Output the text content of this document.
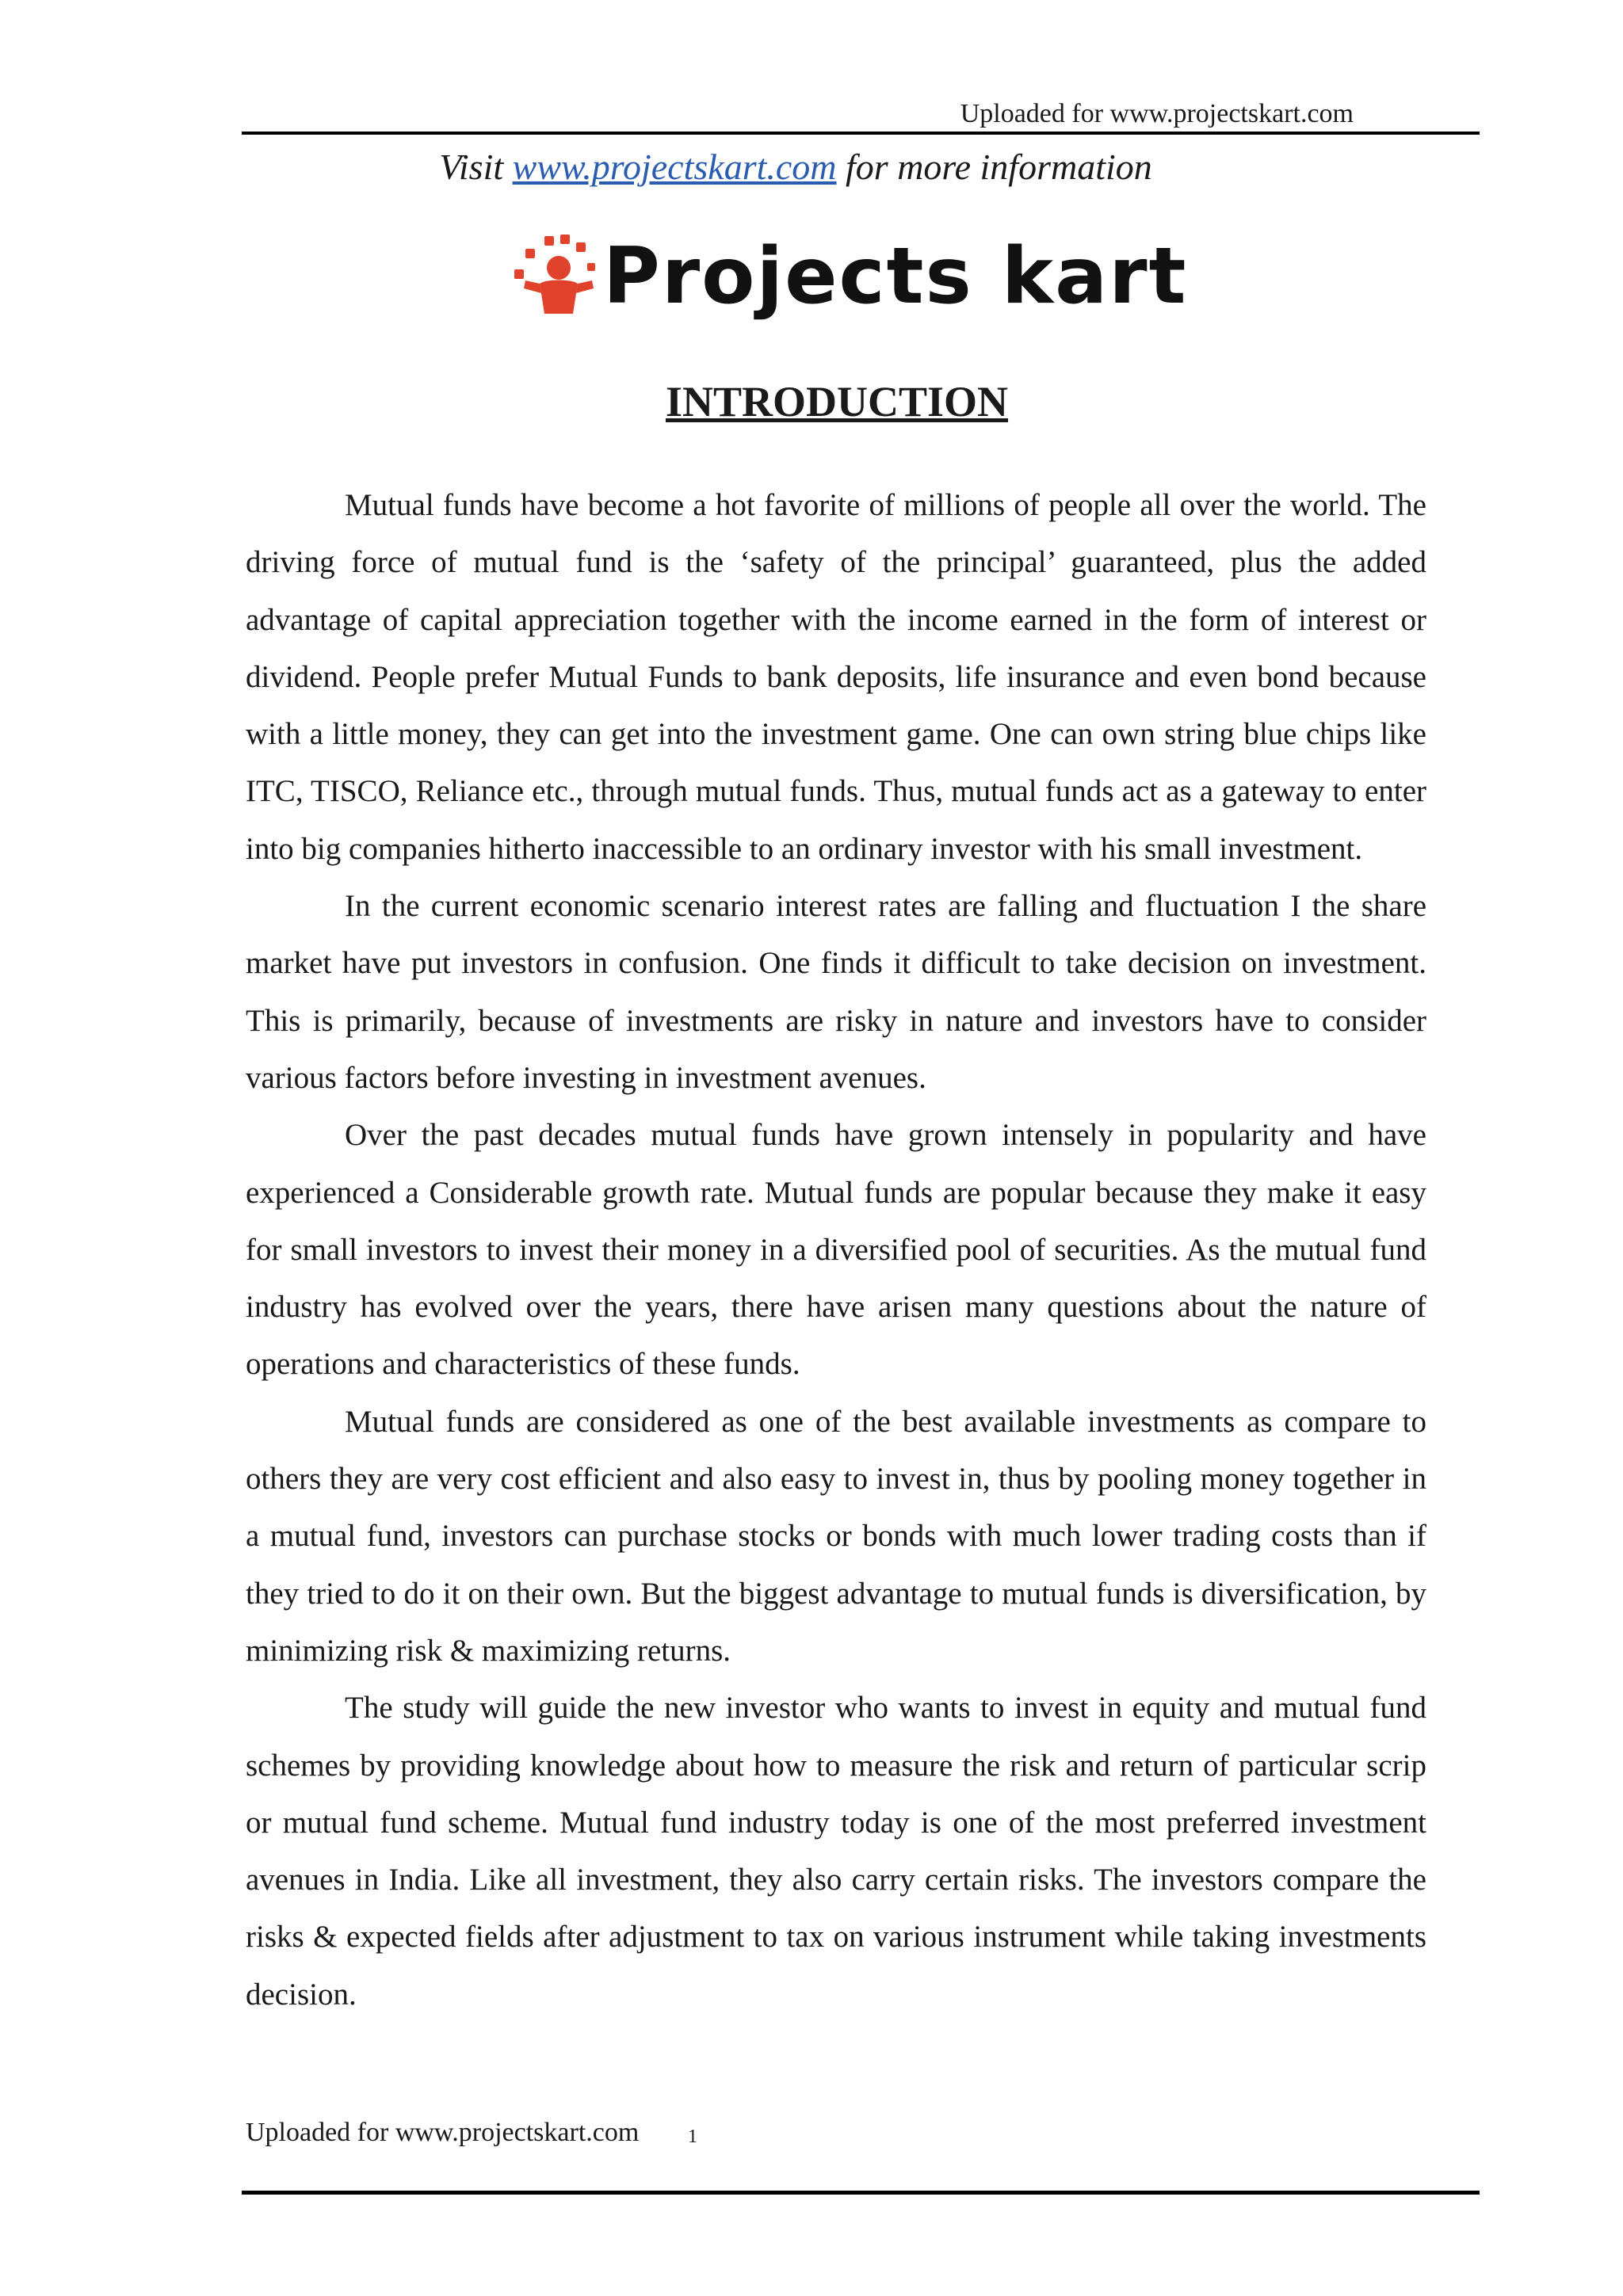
Uploaded for www.projectskart.com
Visit www.projectskart.com for more information
Projects kart
INTRODUCTION

Mutual funds have become a hot favorite of millions of people all over the world. The driving force of mutual fund is the ‘safety of the principal’ guaranteed, plus the added advantage of capital appreciation together with the income earned in the form of interest or dividend. People prefer Mutual Funds to bank deposits, life insurance and even bond because with a little money, they can get into the investment game. One can own string blue chips like ITC, TISCO, Reliance etc., through mutual funds. Thus, mutual funds act as a gateway to enter into big companies hitherto inaccessible to an ordinary investor with his small investment.

In the current economic scenario interest rates are falling and fluctuation I the share market have put investors in confusion. One finds it difficult to take decision on investment. This is primarily, because of investments are risky in nature and investors have to consider various factors before investing in investment avenues.

Over the past decades mutual funds have grown intensely in popularity and have experienced a Considerable growth rate. Mutual funds are popular because they make it easy for small investors to invest their money in a diversified pool of securities. As the mutual fund industry has evolved over the years, there have arisen many questions about the nature of operations and characteristics of these funds.

Mutual funds are considered as one of the best available investments as compare to others they are very cost efficient and also easy to invest in, thus by pooling money together in a mutual fund, investors can purchase stocks or bonds with much lower trading costs than if they tried to do it on their own. But the biggest advantage to mutual funds is diversification, by minimizing risk & maximizing returns.

The study will guide the new investor who wants to invest in equity and mutual fund schemes by providing knowledge about how to measure the risk and return of particular scrip or mutual fund scheme. Mutual fund industry today is one of the most preferred investment avenues in India. Like all investment, they also carry certain risks. The investors compare the risks & expected fields after adjustment to tax on various instrument while taking investments decision.

Uploaded for www.projectskart.com	1
